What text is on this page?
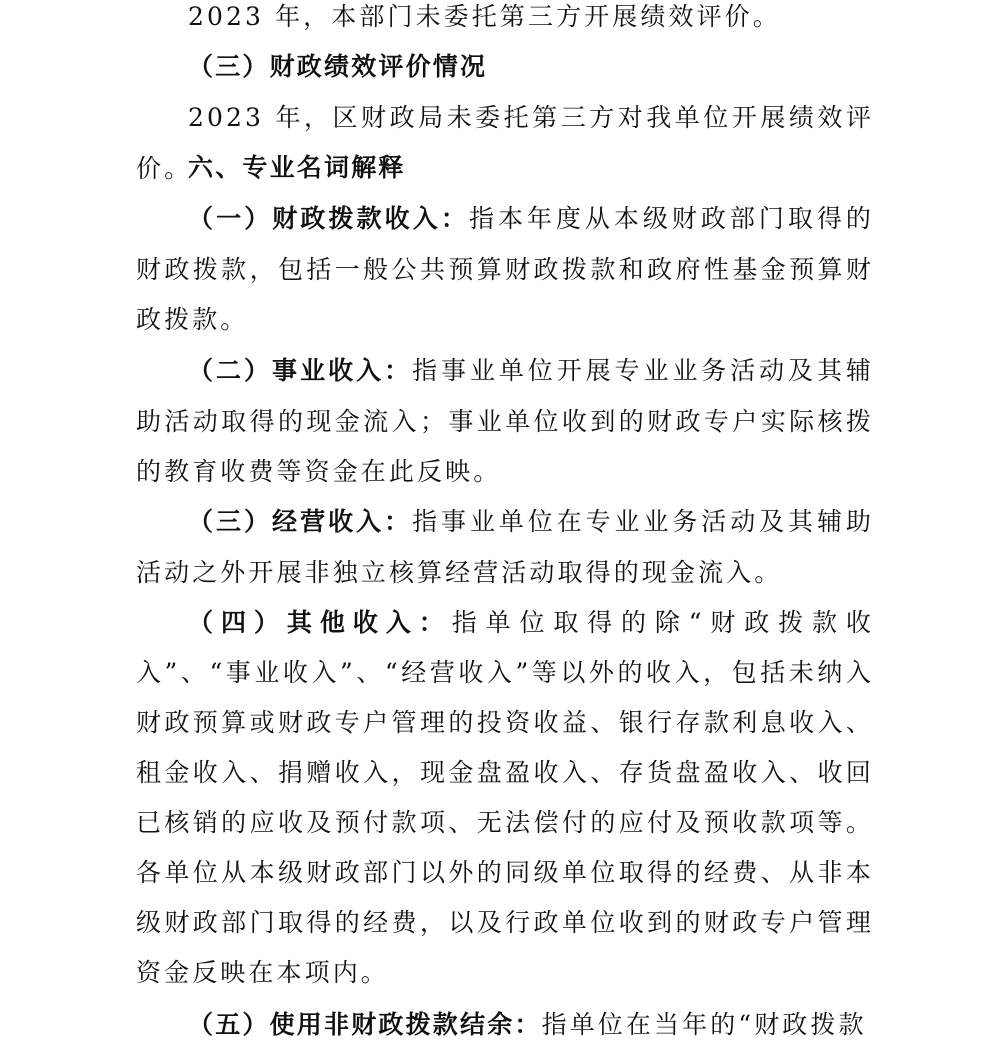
2023 年，本部门未委托第三方开展绩效评价。

（三）财政绩效评价情况

2023 年，区财政局未委托第三方对我单位开展绩效评价。

六、专业名词解释

（一）财政拨款收入：指本年度从本级财政部门取得的财政拨款，包括一般公共预算财政拨款和政府性基金预算财政拨款。

（二）事业收入：指事业单位开展专业业务活动及其辅助活动取得的现金流入；事业单位收到的财政专户实际核拨的教育收费等资金在此反映。

（三）经营收入：指事业单位在专业业务活动及其辅助活动之外开展非独立核算经营活动取得的现金流入。

（四）其他收入：指单位取得的除“财政拨款收入”、“事业收入”、“经营收入”等以外的收入，包括未纳入财政预算或财政专户管理的投资收益、银行存款利息收入、租金收入、捐赠收入，现金盘盈收入、存货盘盈收入、收回已核销的应收及预付款项、无法偿付的应付及预收款项等。各单位从本级财政部门以外的同级单位取得的经费、从非本级财政部门取得的经费，以及行政单位收到的财政专户管理资金反映在本项内。

（五）使用非财政拨款结余：指单位在当年的“财政拨款
